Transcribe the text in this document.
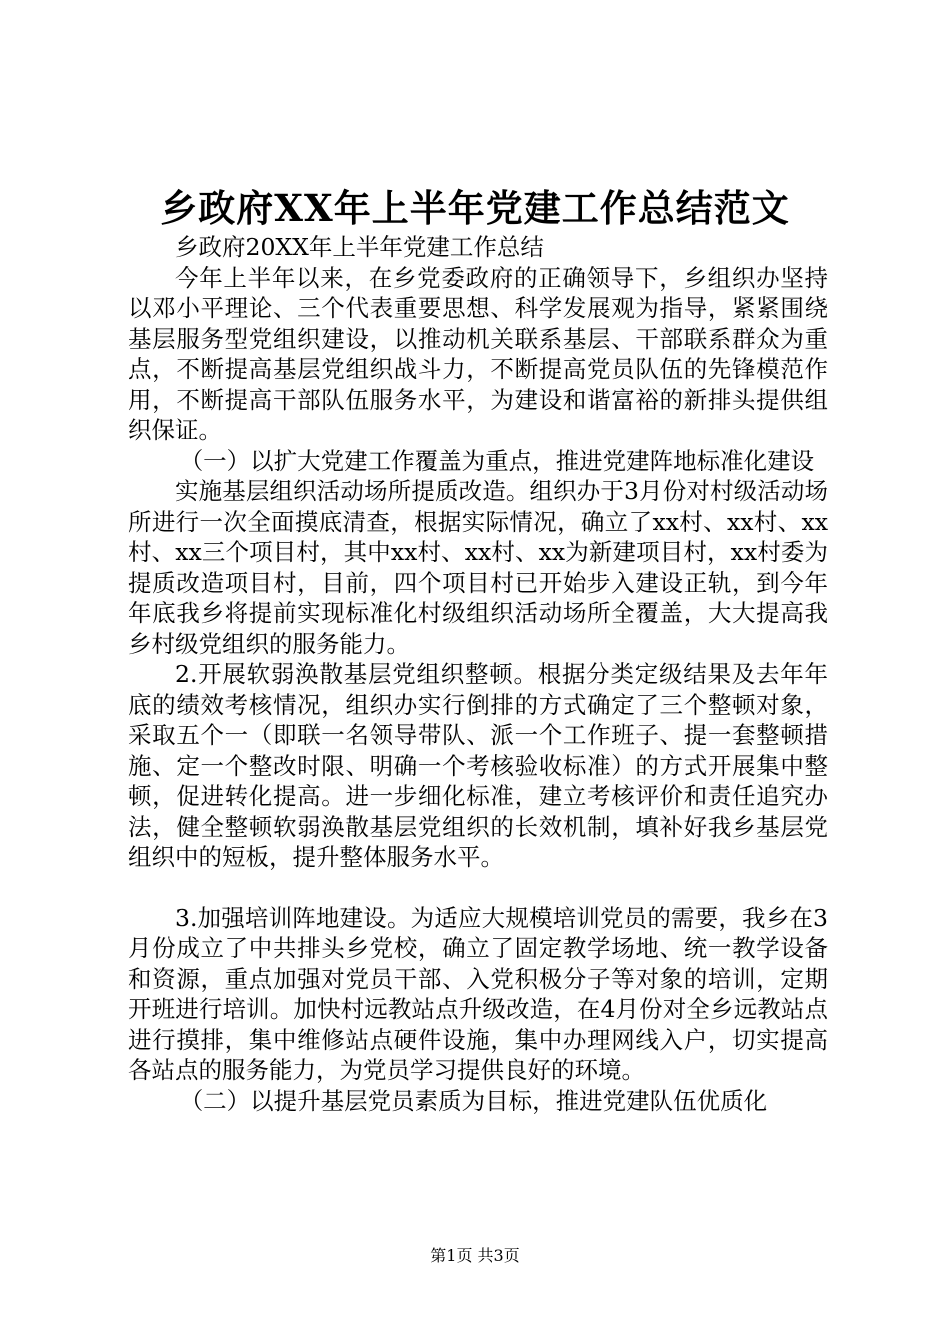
乡政府XX年上半年党建工作总结范文

乡政府20XX年上半年党建工作总结

今年上半年以来，在乡党委政府的正确领导下，乡组织办坚持以邓小平理论、三个代表重要思想、科学发展观为指导，紧紧围绕基层服务型党组织建设，以推动机关联系基层、干部联系群众为重点，不断提高基层党组织战斗力，不断提高党员队伍的先锋模范作用，不断提高干部队伍服务水平，为建设和谐富裕的新排头提供组织保证。

（一）以扩大党建工作覆盖为重点，推进党建阵地标准化建设

实施基层组织活动场所提质改造。组织办于3月份对村级活动场所进行一次全面摸底清查，根据实际情况，确立了xx村、xx村、xx村、xx三个项目村，其中xx村、xx村、xx为新建项目村，xx村委为提质改造项目村，目前，四个项目村已开始步入建设正轨，到今年年底我乡将提前实现标准化村级组织活动场所全覆盖，大大提高我乡村级党组织的服务能力。

2.开展软弱涣散基层党组织整顿。根据分类定级结果及去年年底的绩效考核情况，组织办实行倒排的方式确定了三个整顿对象，采取五个一（即联一名领导带队、派一个工作班子、提一套整顿措施、定一个整改时限、明确一个考核验收标准）的方式开展集中整顿，促进转化提高。进一步细化标准，建立考核评价和责任追究办法，健全整顿软弱涣散基层党组织的长效机制，填补好我乡基层党组织中的短板，提升整体服务水平。

3.加强培训阵地建设。为适应大规模培训党员的需要，我乡在3月份成立了中共排头乡党校，确立了固定教学场地、统一教学设备和资源，重点加强对党员干部、入党积极分子等对象的培训，定期开班进行培训。加快村远教站点升级改造，在4月份对全乡远教站点进行摸排，集中维修站点硬件设施，集中办理网线入户，切实提高各站点的服务能力，为党员学习提供良好的环境。

（二）以提升基层党员素质为目标，推进党建队伍优质化

第1页 共3页
